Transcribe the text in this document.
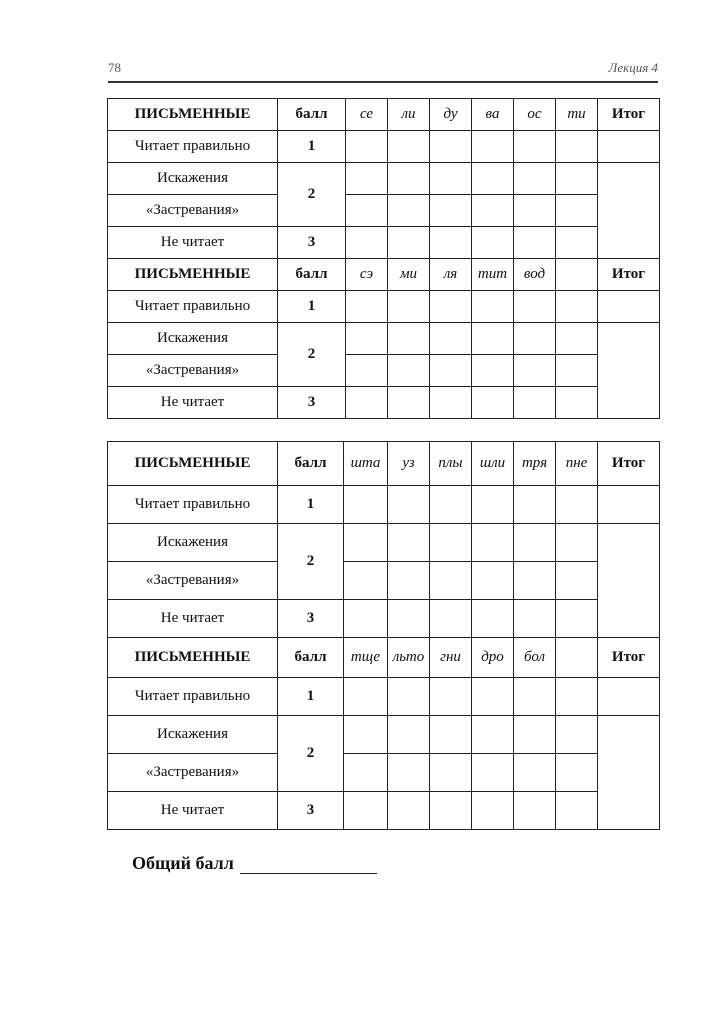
78	Лекция 4
ПИСЬМЕННЫЕ	балл	се	ли	ду	ва	ос	ти	Итог
Читает правильно	1							
Искажения	2							
«Застревания»								
Не читает	3							
ПИСЬМЕННЫЕ	балл	сэ	ми	ля	тит	вод		Итог
Читает правильно	1							
Искажения	2							
«Застревания»								
Не читает	3							
ПИСЬМЕННЫЕ	балл	шта	уз	плы	шли	тря	пне	Итог
Читает правильно	1							
Искажения	2							
«Застревания»								
Не читает	3							
ПИСЬМЕННЫЕ	балл	тще	льто	гни	дро	бол		Итог
Читает правильно	1							
Искажения	2							
«Застревания»								
Не читает	3							
Общий балл
